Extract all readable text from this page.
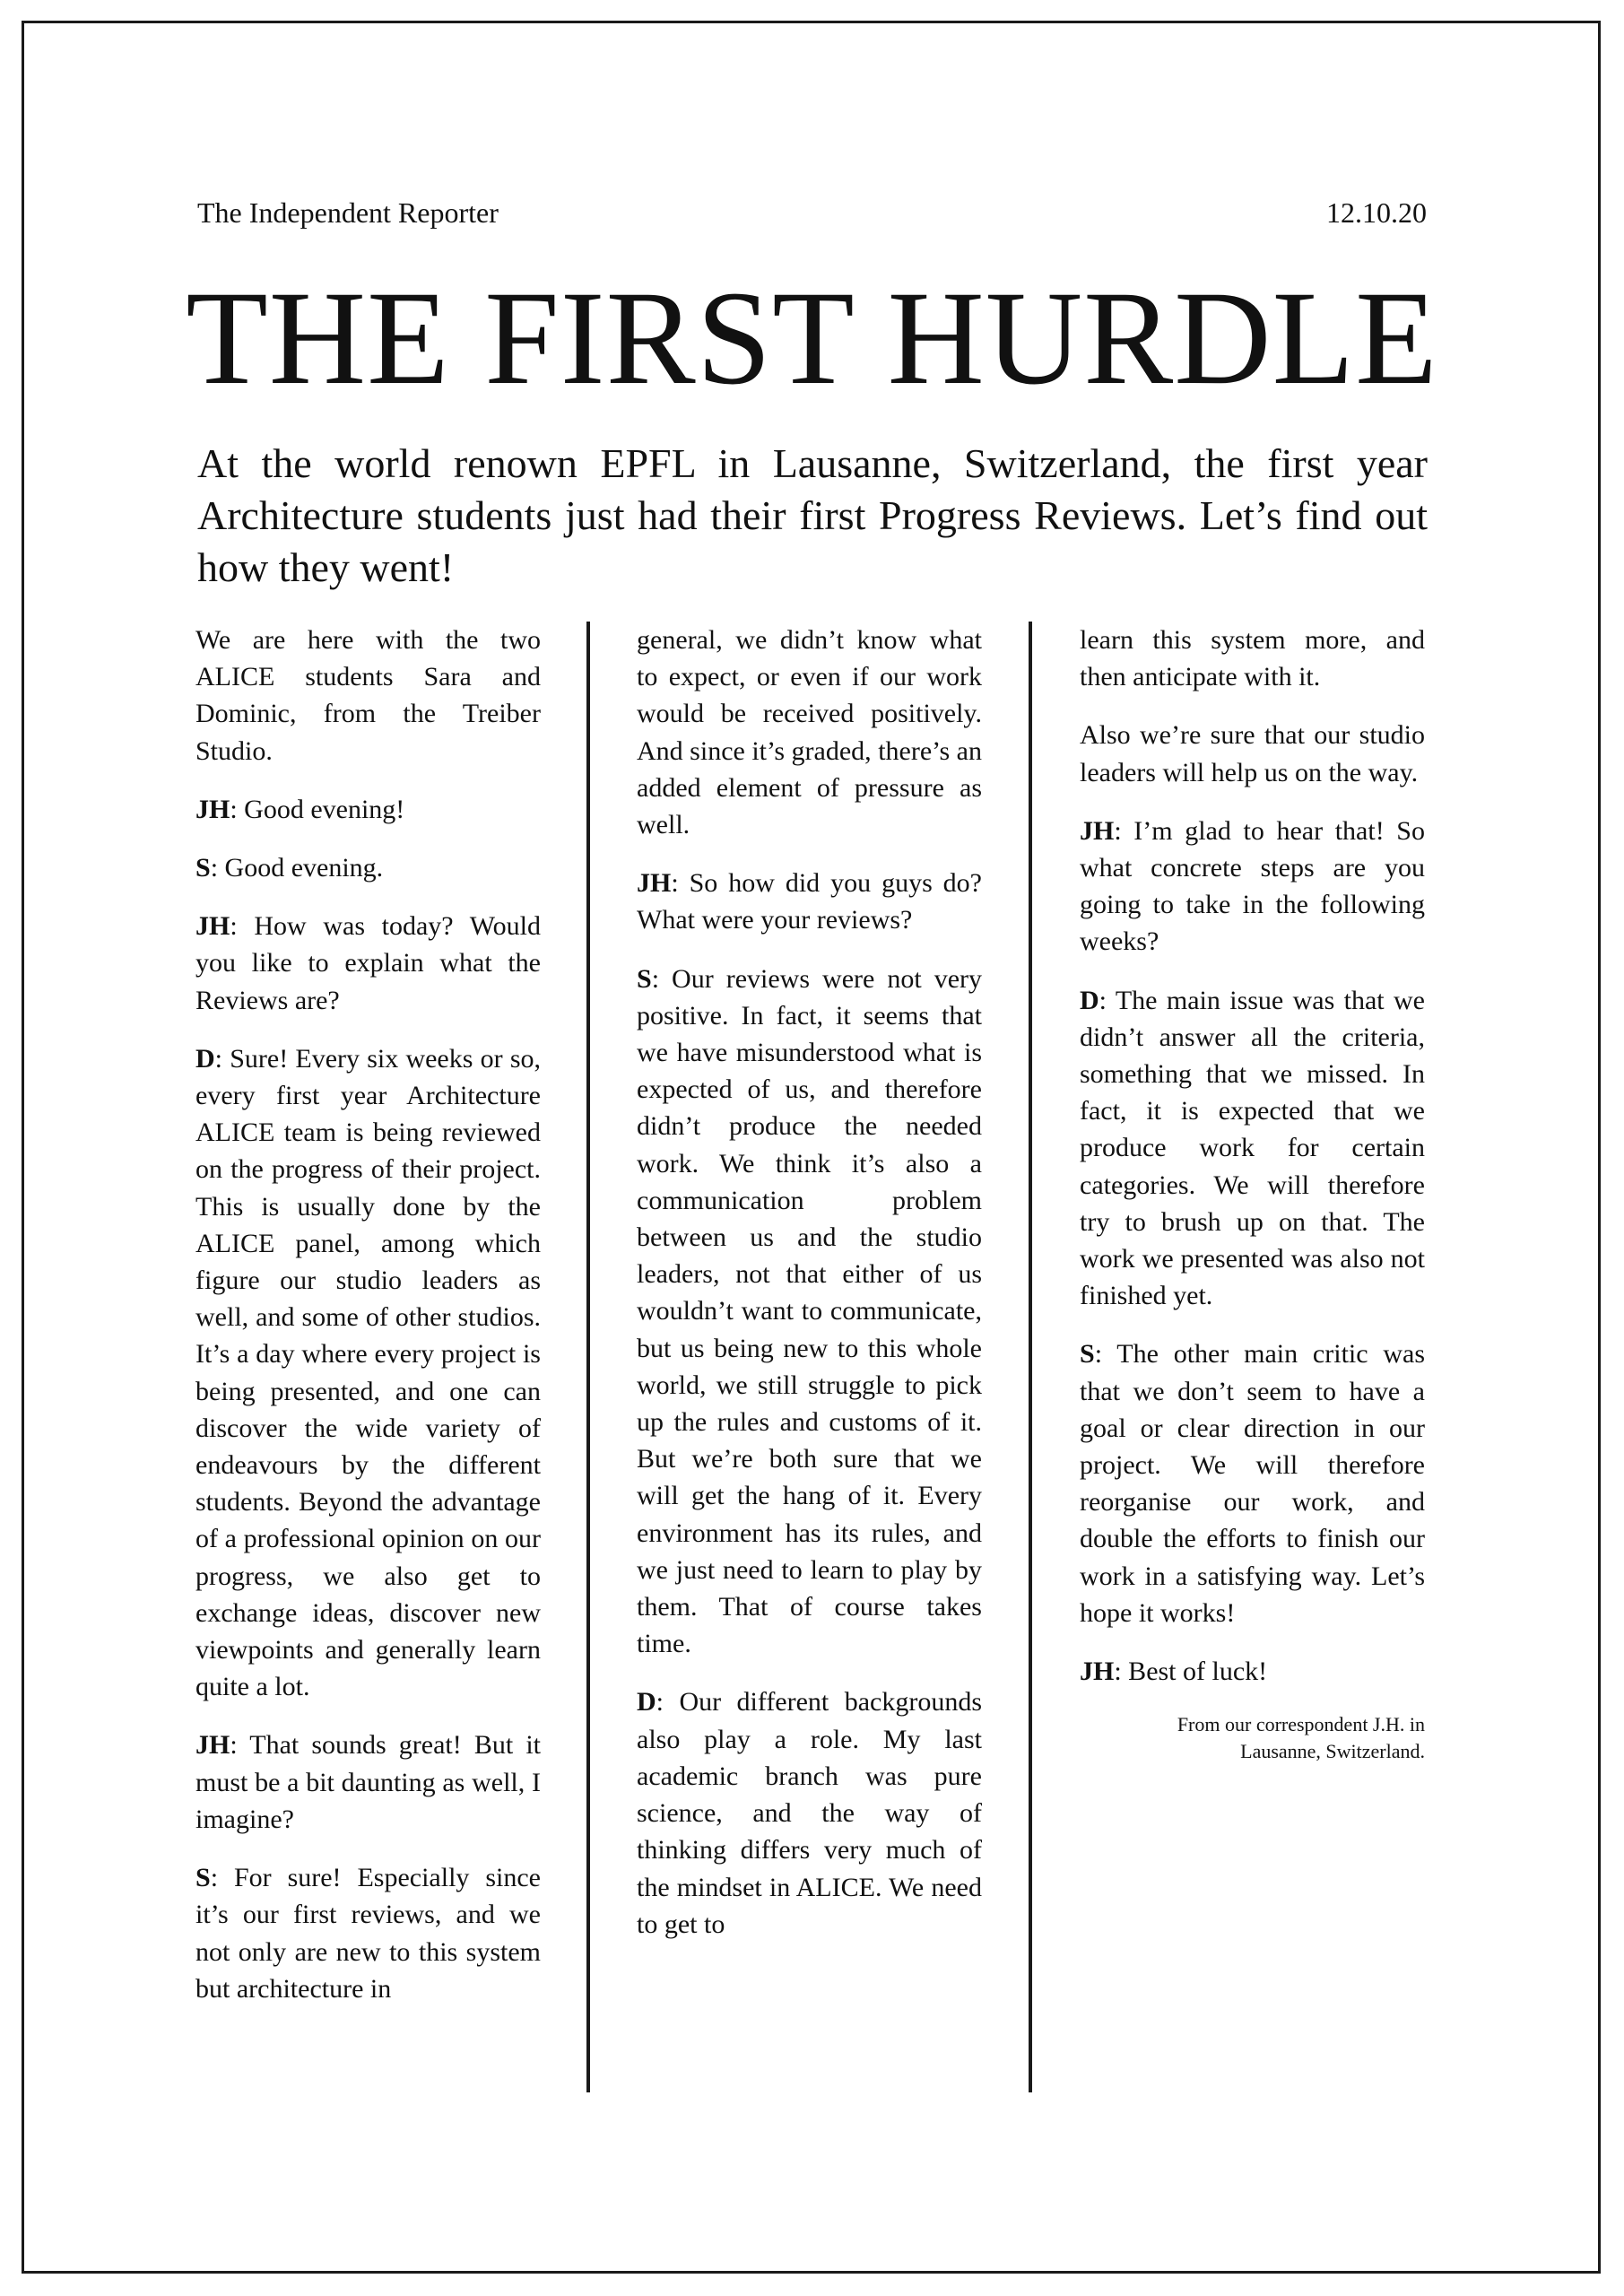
The Independent Reporter	12.10.20
THE FIRST HURDLE

At the world renown EPFL in Lausanne, Switzerland, the first year Architecture students just had their first Progress Reviews. Let’s find out how they went!

We are here with the two ALICE students Sara and Dominic, from the Treiber Studio.

JH: Good evening!

S: Good evening.

JH: How was today? Would you like to explain what the Reviews are?

D: Sure! Every six weeks or so, every first year Architecture ALICE team is being reviewed on the progress of their project. This is usually done by the ALICE panel, among which figure our studio leaders as well, and some of other studios. It’s a day where every project is being presented, and one can discover the wide variety of endeavours by the different students. Beyond the advantage of a professional opinion on our progress, we also get to exchange ideas, discover new viewpoints and generally learn quite a lot.

JH: That sounds great! But it must be a bit daunting as well, I imagine?

S: For sure! Especially since it’s our first reviews, and we not only are new to this system but architecture in

general, we didn’t know what to expect, or even if our work would be received positively. And since it’s graded, there’s an added element of pressure as well.

JH: So how did you guys do? What were your reviews?

S: Our reviews were not very positive. In fact, it seems that we have misunderstood what is expected of us, and therefore didn’t produce the needed work. We think it’s also a communication problem between us and the studio leaders, not that either of us wouldn’t want to communicate, but us being new to this whole world, we still struggle to pick up the rules and customs of it. But we’re both sure that we will get the hang of it. Every environment has its rules, and we just need to learn to play by them. That of course takes time.

D: Our different backgrounds also play a role. My last academic branch was pure science, and the way of thinking differs very much of the mindset in ALICE. We need to get to

learn this system more, and then anticipate with it.

Also we’re sure that our studio leaders will help us on the way.

JH: I’m glad to hear that! So what concrete steps are you going to take in the following weeks?

D: The main issue was that we didn’t answer all the criteria, something that we missed. In fact, it is expected that we produce work for certain categories. We will therefore try to brush up on that. The work we presented was also not finished yet.

S: The other main critic was that we don’t seem to have a goal or clear direction in our project. We will therefore reorganise our work, and double the efforts to finish our work in a satisfying way. Let’s hope it works!

JH: Best of luck!

From our correspondent J.H. in
Lausanne, Switzerland.
